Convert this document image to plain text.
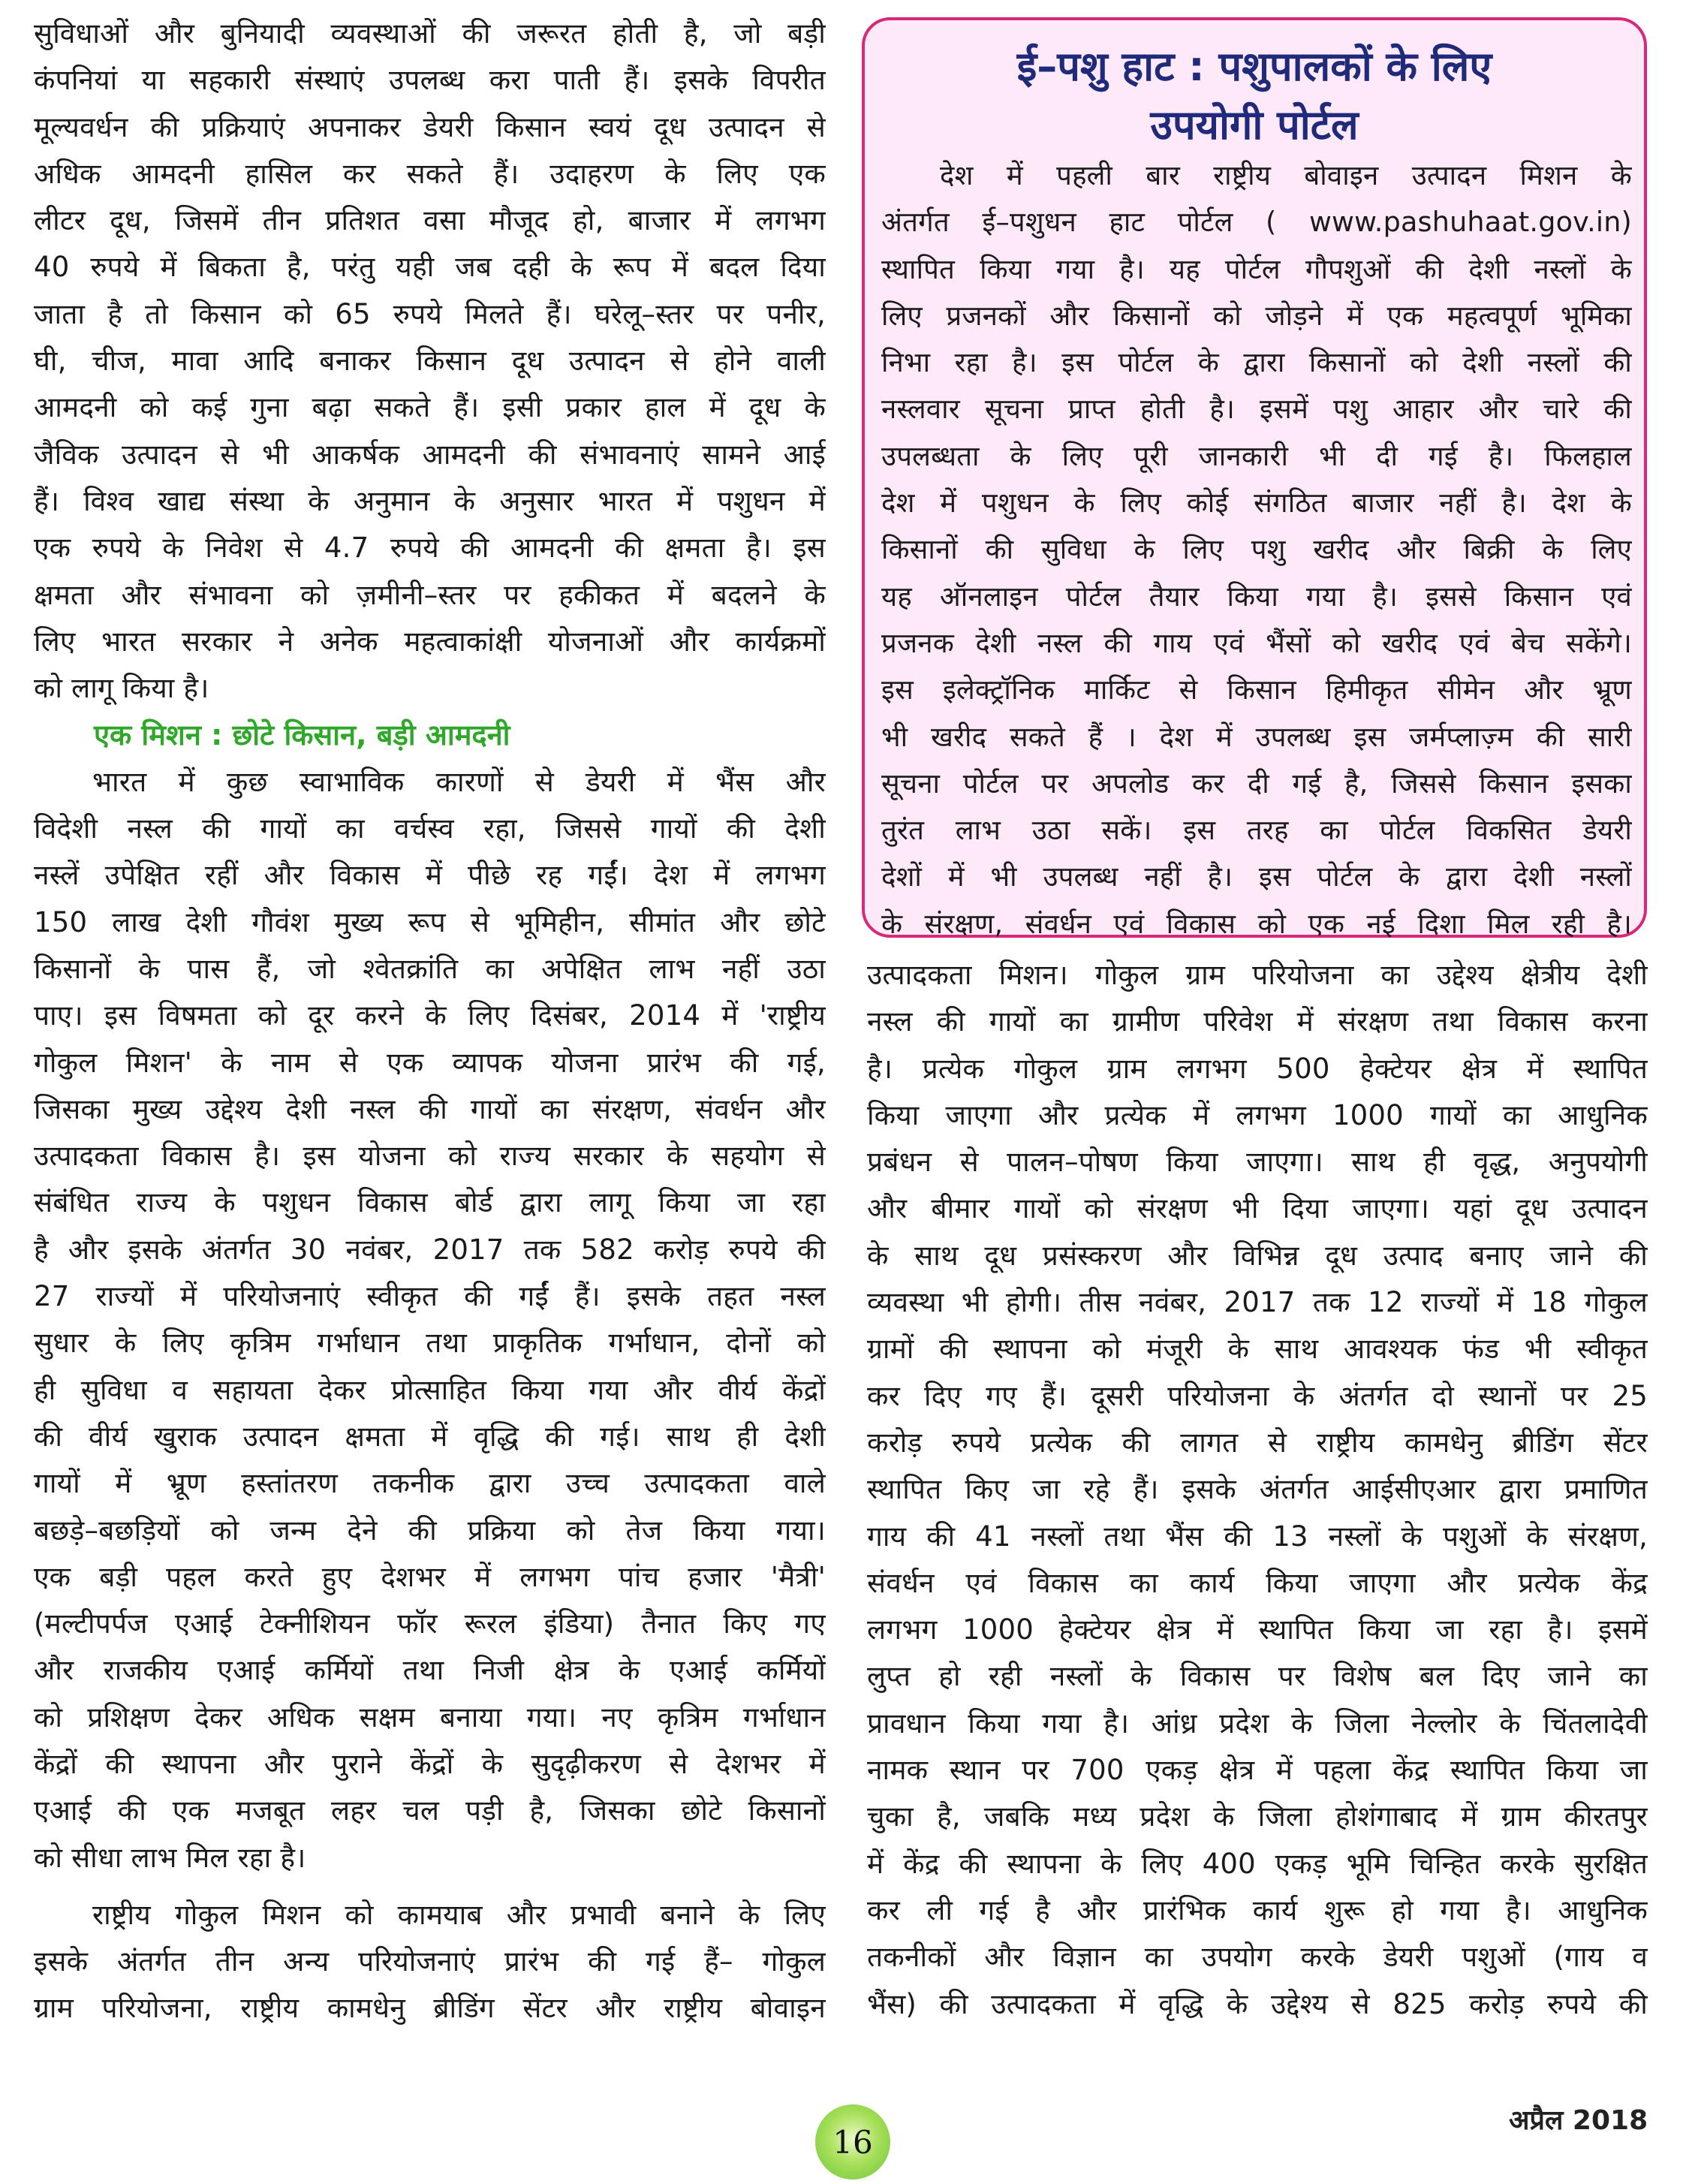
सुविधाओं और बुनियादी व्यवस्थाओं की जरूरत होती है, जो बड़ी
कंपनियां या सहकारी संस्थाएं उपलब्ध करा पाती हैं। इसके विपरीत
मूल्यवर्धन की प्रक्रियाएं अपनाकर डेयरी किसान स्वयं दूध उत्पादन से
अधिक आमदनी हासिल कर सकते हैं। उदाहरण के लिए एक
लीटर दूध, जिसमें तीन प्रतिशत वसा मौजूद हो, बाजार में लगभग
40 रुपये में बिकता है, परंतु यही जब दही के रूप में बदल दिया
जाता है तो किसान को 65 रुपये मिलते हैं। घरेलू–स्तर पर पनीर,
घी, चीज, मावा आदि बनाकर किसान दूध उत्पादन से होने वाली
आमदनी को कई गुना बढ़ा सकते हैं। इसी प्रकार हाल में दूध के
जैविक उत्पादन से भी आकर्षक आमदनी की संभावनाएं सामने आई
हैं। विश्व खाद्य संस्था के अनुमान के अनुसार भारत में पशुधन में
एक रुपये के निवेश से 4.7 रुपये की आमदनी की क्षमता है। इस
क्षमता और संभावना को ज़मीनी–स्तर पर हकीकत में बदलने के
लिए भारत सरकार ने अनेक महत्वाकांक्षी योजनाओं और कार्यक्रमों
को लागू किया है।
एक मिशन : छोटे किसान, बड़ी आमदनी
भारत में कुछ स्वाभाविक कारणों से डेयरी में भैंस और
विदेशी नस्ल की गायों का वर्चस्व रहा, जिससे गायों की देशी
नस्लें उपेक्षित रहीं और विकास में पीछे रह गईं। देश में लगभग
150 लाख देशी गौवंश मुख्य रूप से भूमिहीन, सीमांत और छोटे
किसानों के पास हैं, जो श्वेतक्रांति का अपेक्षित लाभ नहीं उठा
पाए। इस विषमता को दूर करने के लिए दिसंबर, 2014 में 'राष्ट्रीय
गोकुल मिशन' के नाम से एक व्यापक योजना प्रारंभ की गई,
जिसका मुख्य उद्देश्य देशी नस्ल की गायों का संरक्षण, संवर्धन और
उत्पादकता विकास है। इस योजना को राज्य सरकार के सहयोग से
संबंधित राज्य के पशुधन विकास बोर्ड द्वारा लागू किया जा रहा
है और इसके अंतर्गत 30 नवंबर, 2017 तक 582 करोड़ रुपये की
27 राज्यों में परियोजनाएं स्वीकृत की गईं हैं। इसके तहत नस्ल
सुधार के लिए कृत्रिम गर्भाधान तथा प्राकृतिक गर्भाधान, दोनों को
ही सुविधा व सहायता देकर प्रोत्साहित किया गया और वीर्य केंद्रों
की वीर्य खुराक उत्पादन क्षमता में वृद्धि की गई। साथ ही देशी
गायों में भ्रूण हस्तांतरण तकनीक द्वारा उच्च उत्पादकता वाले
बछड़े–बछड़ियों को जन्म देने की प्रक्रिया को तेज किया गया।
एक बड़ी पहल करते हुए देशभर में लगभग पांच हजार 'मैत्री'
(मल्टीपर्पज एआई टेक्नीशियन फॉर रूरल इंडिया) तैनात किए गए
और राजकीय एआई कर्मियों तथा निजी क्षेत्र के एआई कर्मियों
को प्रशिक्षण देकर अधिक सक्षम बनाया गया। नए कृत्रिम गर्भाधान
केंद्रों की स्थापना और पुराने केंद्रों के सुदृढ़ीकरण से देशभर में
एआई की एक मजबूत लहर चल पड़ी है, जिसका छोटे किसानों
को सीधा लाभ मिल रहा है।
राष्ट्रीय गोकुल मिशन को कामयाब और प्रभावी बनाने के लिए
इसके अंतर्गत तीन अन्य परियोजनाएं प्रारंभ की गई हैं– गोकुल
ग्राम परियोजना, राष्ट्रीय कामधेनु ब्रीडिंग सेंटर और राष्ट्रीय बोवाइन
ई–पशु हाट : पशुपालकों के लिए
उपयोगी पोर्टल
देश में पहली बार राष्ट्रीय बोवाइन उत्पादन मिशन के
अंतर्गत ई–पशुधन हाट पोर्टल ( www.pashuhaat.gov.in)
स्थापित किया गया है। यह पोर्टल गौपशुओं की देशी नस्लों के
लिए प्रजनकों और किसानों को जोड़ने में एक महत्वपूर्ण भूमिका
निभा रहा है। इस पोर्टल के द्वारा किसानों को देशी नस्लों की
नस्लवार सूचना प्राप्त होती है। इसमें पशु आहार और चारे की
उपलब्धता के लिए पूरी जानकारी भी दी गई है। फिलहाल
देश में पशुधन के लिए कोई संगठित बाजार नहीं है। देश के
किसानों की सुविधा के लिए पशु खरीद और बिक्री के लिए
यह ऑनलाइन पोर्टल तैयार किया गया है। इससे किसान एवं
प्रजनक देशी नस्ल की गाय एवं भैंसों को खरीद एवं बेच सकेंगे।
इस इलेक्ट्रॉनिक मार्किट से किसान हिमीकृत सीमेन और भ्रूण
भी खरीद सकते हैं । देश में उपलब्ध इस जर्मप्लाज़्म की सारी
सूचना पोर्टल पर अपलोड कर दी गई है, जिससे किसान इसका
तुरंत लाभ उठा सकें। इस तरह का पोर्टल विकसित डेयरी
देशों में भी उपलब्ध नहीं है। इस पोर्टल के द्वारा देशी नस्लों
के संरक्षण, संवर्धन एवं विकास को एक नई दिशा मिल रही है।
उत्पादकता मिशन। गोकुल ग्राम परियोजना का उद्देश्य क्षेत्रीय देशी
नस्ल की गायों का ग्रामीण परिवेश में संरक्षण तथा विकास करना
है। प्रत्येक गोकुल ग्राम लगभग 500 हेक्टेयर क्षेत्र में स्थापित
किया जाएगा और प्रत्येक में लगभग 1000 गायों का आधुनिक
प्रबंधन से पालन–पोषण किया जाएगा। साथ ही वृद्ध, अनुपयोगी
और बीमार गायों को संरक्षण भी दिया जाएगा। यहां दूध उत्पादन
के साथ दूध प्रसंस्करण और विभिन्न दूध उत्पाद बनाए जाने की
व्यवस्था भी होगी। तीस नवंबर, 2017 तक 12 राज्यों में 18 गोकुल
ग्रामों की स्थापना को मंजूरी के साथ आवश्यक फंड भी स्वीकृत
कर दिए गए हैं। दूसरी परियोजना के अंतर्गत दो स्थानों पर 25
करोड़ रुपये प्रत्येक की लागत से राष्ट्रीय कामधेनु ब्रीडिंग सेंटर
स्थापित किए जा रहे हैं। इसके अंतर्गत आईसीएआर द्वारा प्रमाणित
गाय की 41 नस्लों तथा भैंस की 13 नस्लों के पशुओं के संरक्षण,
संवर्धन एवं विकास का कार्य किया जाएगा और प्रत्येक केंद्र
लगभग 1000 हेक्टेयर क्षेत्र में स्थापित किया जा रहा है। इसमें
लुप्त हो रही नस्लों के विकास पर विशेष बल दिए जाने का
प्रावधान किया गया है। आंध्र प्रदेश के जिला नेल्लोर के चिंतलादेवी
नामक स्थान पर 700 एकड़ क्षेत्र में पहला केंद्र स्थापित किया जा
चुका है, जबकि मध्य प्रदेश के जिला होशंगाबाद में ग्राम कीरतपुर
में केंद्र की स्थापना के लिए 400 एकड़ भूमि चिन्हित करके सुरक्षित
कर ली गई है और प्रारंभिक कार्य शुरू हो गया है। आधुनिक
तकनीकों और विज्ञान का उपयोग करके डेयरी पशुओं (गाय व
भैंस) की उत्पादकता में वृद्धि के उद्देश्य से 825 करोड़ रुपये की
16
अप्रैल 2018
